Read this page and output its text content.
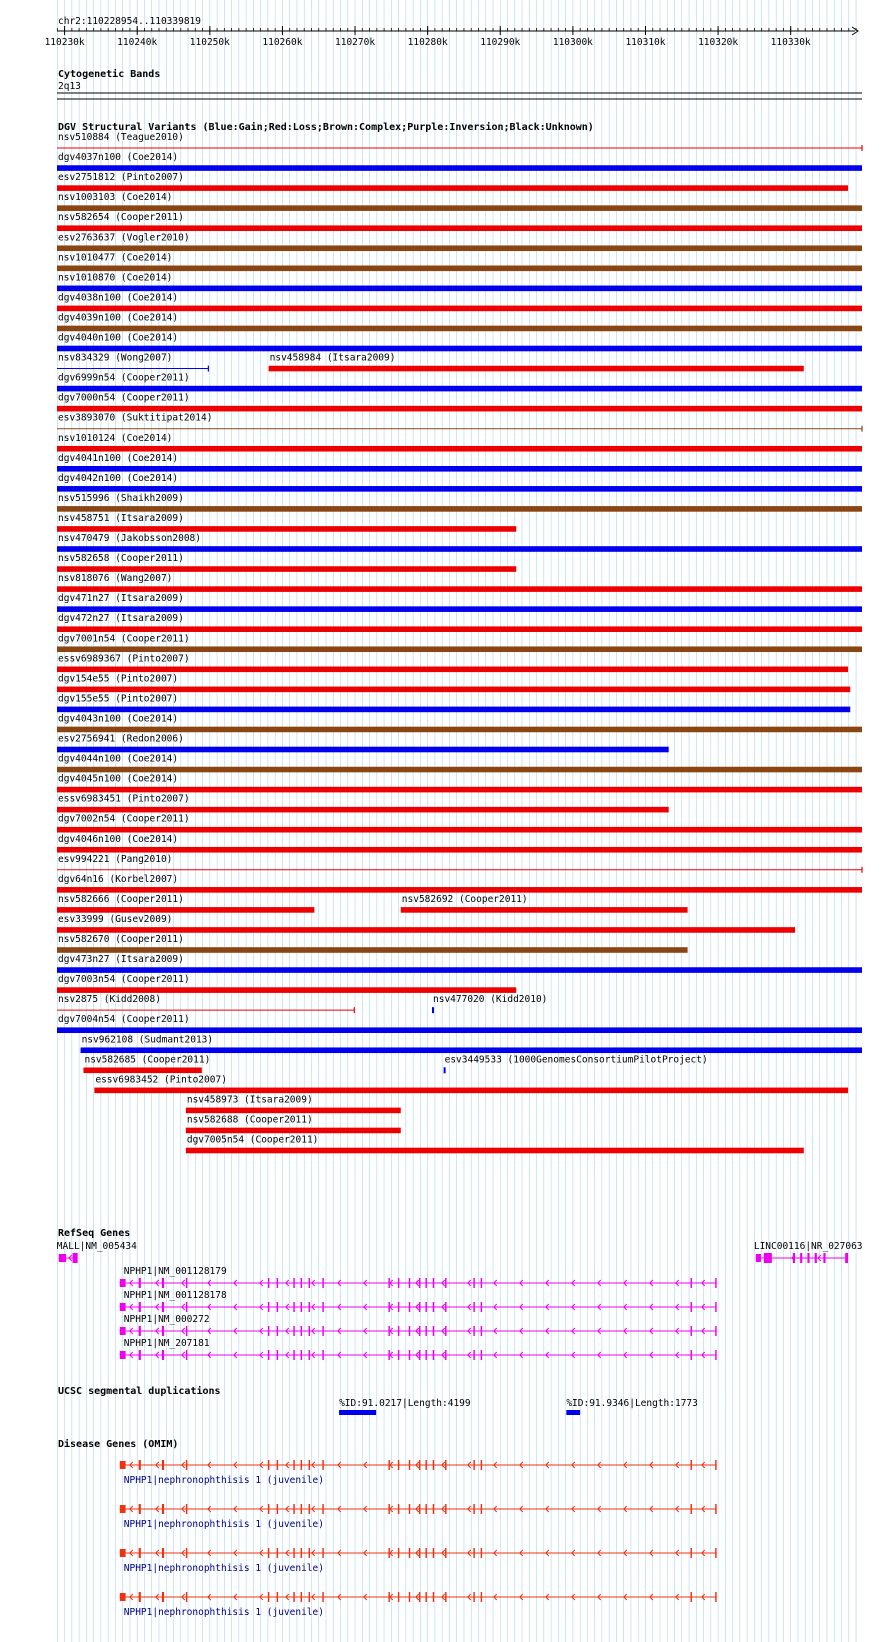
chr2:110228954..110339819
110230k	110240k	110250k	110260k	110270k	110280k	110290k	110300k	110310k	110320k	110330k
Cytogenetic Bands
2q13
DGV Structural Variants (Blue:Gain;Red:Loss;Brown:Complex;Purple:Inversion;Black:Unknown)
nsv510884 (Teague2010)
dgv4037n100 (Coe2014)
esv2751812 (Pinto2007)
nsv1003103 (Coe2014)
nsv582654 (Cooper2011)
esv2763637 (Vogler2010)
nsv1010477 (Coe2014)
nsv1010870 (Coe2014)
dgv4038n100 (Coe2014)
dgv4039n100 (Coe2014)
dgv4040n100 (Coe2014)
nsv834329 (Wong2007)	nsv458984 (Itsara2009)
dgv6999n54 (Cooper2011)
dgv7000n54 (Cooper2011)
esv3893070 (Suktitipat2014)
nsv1010124 (Coe2014)
dgv4041n100 (Coe2014)
dgv4042n100 (Coe2014)
nsv515996 (Shaikh2009)
nsv458751 (Itsara2009)
nsv470479 (Jakobsson2008)
nsv582658 (Cooper2011)
nsv818076 (Wang2007)
dgv471n27 (Itsara2009)
dgv472n27 (Itsara2009)
dgv7001n54 (Cooper2011)
essv6989367 (Pinto2007)
dgv154e55 (Pinto2007)
dgv155e55 (Pinto2007)
dgv4043n100 (Coe2014)
esv2756941 (Redon2006)
dgv4044n100 (Coe2014)
dgv4045n100 (Coe2014)
essv6983451 (Pinto2007)
dgv7002n54 (Cooper2011)
dgv4046n100 (Coe2014)
esv994221 (Pang2010)
dgv64n16 (Korbel2007)
nsv582666 (Cooper2011)	nsv582692 (Cooper2011)
esv33999 (Gusev2009)
nsv582670 (Cooper2011)
dgv473n27 (Itsara2009)
dgv7003n54 (Cooper2011)
nsv2875 (Kidd2008)	nsv477020 (Kidd2010)
dgv7004n54 (Cooper2011)
nsv962108 (Sudmant2013)
nsv582685 (Cooper2011)	esv3449533 (1000GenomesConsortiumPilotProject)
essv6983452 (Pinto2007)
nsv458973 (Itsara2009)
nsv582688 (Cooper2011)
dgv7005n54 (Cooper2011)
RefSeq Genes
MALL|NM_005434	LINC00116|NR_027063
NPHP1|NM_001128179
NPHP1|NM_001128178
NPHP1|NM_000272
NPHP1|NM_207181
UCSC segmental duplications
%ID:91.0217|Length:4199	%ID:91.9346|Length:1773
Disease Genes (OMIM)
NPHP1|nephronophthisis 1 (juvenile)
NPHP1|nephronophthisis 1 (juvenile)
NPHP1|nephronophthisis 1 (juvenile)
NPHP1|nephronophthisis 1 (juvenile)
